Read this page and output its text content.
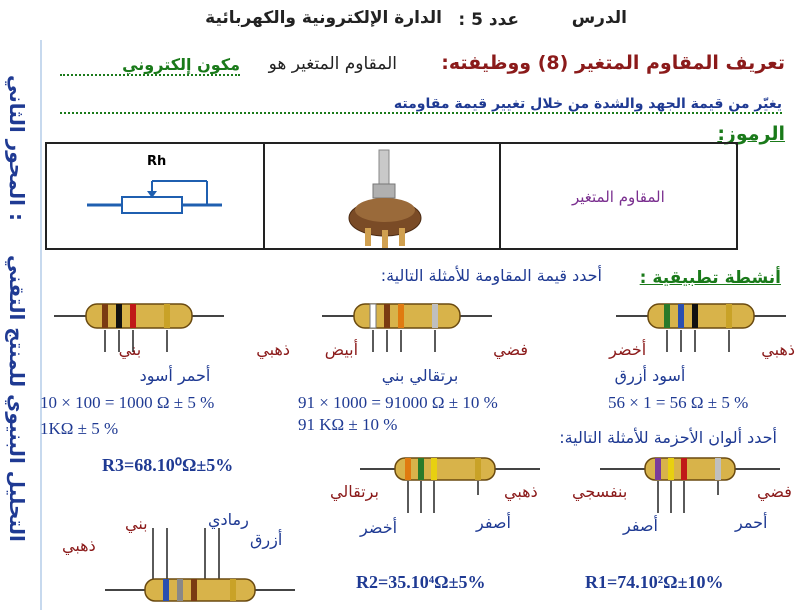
الدرس
عدد 5 :
الدارة الإلكترونية والكهربائية
المحور الثاني :
التحليل البنيوي للمنتج التقني
تعريف المقاوم المتغير (8) ووظيفته:
المقاوم المتغير هو
مكون إلكتروني
يغيّر من قيمة الجهد والشدة من خلال تغيير قيمة مقاومته
الرموز:
Rh

	المقاوم المتغير
أنشطة تطبيقية :
أحدد قيمة المقاومة للأمثلة التالية:
ذهبي أخضر
أسود أزرق
56 × 1 = 56 Ω ± 5 %
فضي أبيض
برتقالي بني
91 × 1000 = 91000 Ω ± 10 %
91 KΩ ± 10 %
ذهبي بني
أحمر أسود
10 × 100 = 1000 Ω ± 5 %
1KΩ ± 5 %	أحدد ألوان الأحزمة للأمثلة التالية:
فضي
بنفسجي
أصفر	أحمر
R1=74.10²Ω±10%
ذهبي
برتقالي
أصفر
أخضر
R2=35.10⁴Ω±5%
R3=68.10⁰Ω±5%
ذهبي
بني	رمادي
أزرق
